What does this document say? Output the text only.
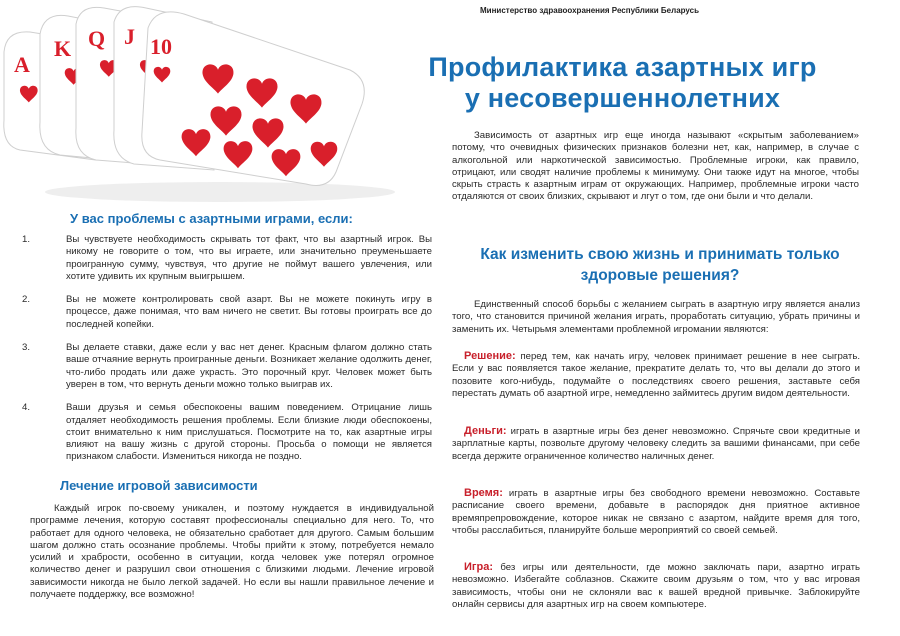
Министерство здравоохранения Республики Беларусь
A
K Q J 10
Профилактика азартных игр
у несовершеннолетних

Зависимость от азартных игр еще иногда называют «скрытым заболеванием» потому, что очевидных физических признаков болезни нет, как, например, в случае с алкогольной или наркотической зависимостью. Проблемные игроки, как правило, отрицают, или сводят наличие проблемы к минимуму. Они также идут на многое, чтобы скрыть страсть к азартным играм от окружающих. Например, проблемные игроки часто отдаляются от своих близких, скрывают и лгут о том, где они были и что делали.

Как изменить свою жизнь и принимать только здоровые решения?

Единственный способ борьбы с желанием сыграть в азартную игру является анализ того, что становится причиной желания играть, проработать ситуацию, убрать причины и заменить их. Четырьмя элементами проблемной игромании являются:

Решение: перед тем, как начать игру, человек принимает решение в нее сыграть. Если у вас появляется такое желание, прекратите делать то, что вы делали до этого и позовите кого-нибудь, подумайте о последствиях своего решения, заставьте себя перестать думать об азартной игре, немедленно займитесь другим видом деятельности.

Деньги: играть в азартные игры без денег невозможно. Спрячьте свои кредитные и зарплатные карты, позвольте другому человеку следить за вашими финансами, при себе всегда держите ограниченное количество наличных денег.

Время: играть в азартные игры без свободного времени невозможно. Составьте расписание своего времени, добавьте в распорядок дня приятное активное времяпрепровождение, которое никак не связано с азартом, найдите время для того, чтобы расслабиться, планируйте больше мероприятий со своей семьей.

Игра: без игры или деятельности, где можно заключать пари, азартно играть невозможно. Избегайте соблазнов. Скажите своим друзьям о том, что у вас игровая зависимость, чтобы они не склоняли вас к вашей вредной привычке. Заблокируйте онлайн сервисы для азартных игр на своем компьютере.

У вас проблемы с азартными играми, если:
1.	Вы чувствуете необходимость скрывать тот факт, что вы азартный игрок. Вы никому не говорите о том, что вы играете, или значительно преуменьшаете проигранную сумму, чувствуя, что другие не поймут вашего увлечения, или хотите удивить их крупным выигрышем.
2.	Вы не можете контролировать свой азарт. Вы не можете покинуть игру в процессе, даже понимая, что вам ничего не светит. Вы готовы проиграть все до последней копейки.
3.	Вы делаете ставки, даже если у вас нет денег. Красным флагом должно стать ваше отчаяние вернуть проигранные деньги. Возникает желание одолжить денег, что-либо продать или даже украсть. Это порочный круг. Человек может быть уверен в том, что вернуть деньги можно только выиграв их.
4.	Ваши друзья и семья обеспокоены вашим поведением. Отрицание лишь отдаляет необходимость решения проблемы. Если близкие люди обеспокоены, стоит внимательно к ним прислушаться. Посмотрите на то, как азартные игры влияют на вашу жизнь с другой стороны. Просьба о помощи не является признаком слабости. Измениться никогда не поздно.
Лечение игровой зависимости

Каждый игрок по-своему уникален, и поэтому нуждается в индивидуальной программе лечения, которую составят профессионалы специально для него. То, что работает для одного человека, не обязательно сработает для другого. Самым большим шагом должно стать осознание проблемы. Чтобы прийти к этому, потребуется немало усилий и храбрости, особенно в ситуации, когда человек уже потерял огромное количество денег и разрушил свои отношения с близкими людьми. Лечение игровой зависимости никогда не было легкой задачей. Но если вы нашли правильное лечение и получаете поддержку, все возможно!
